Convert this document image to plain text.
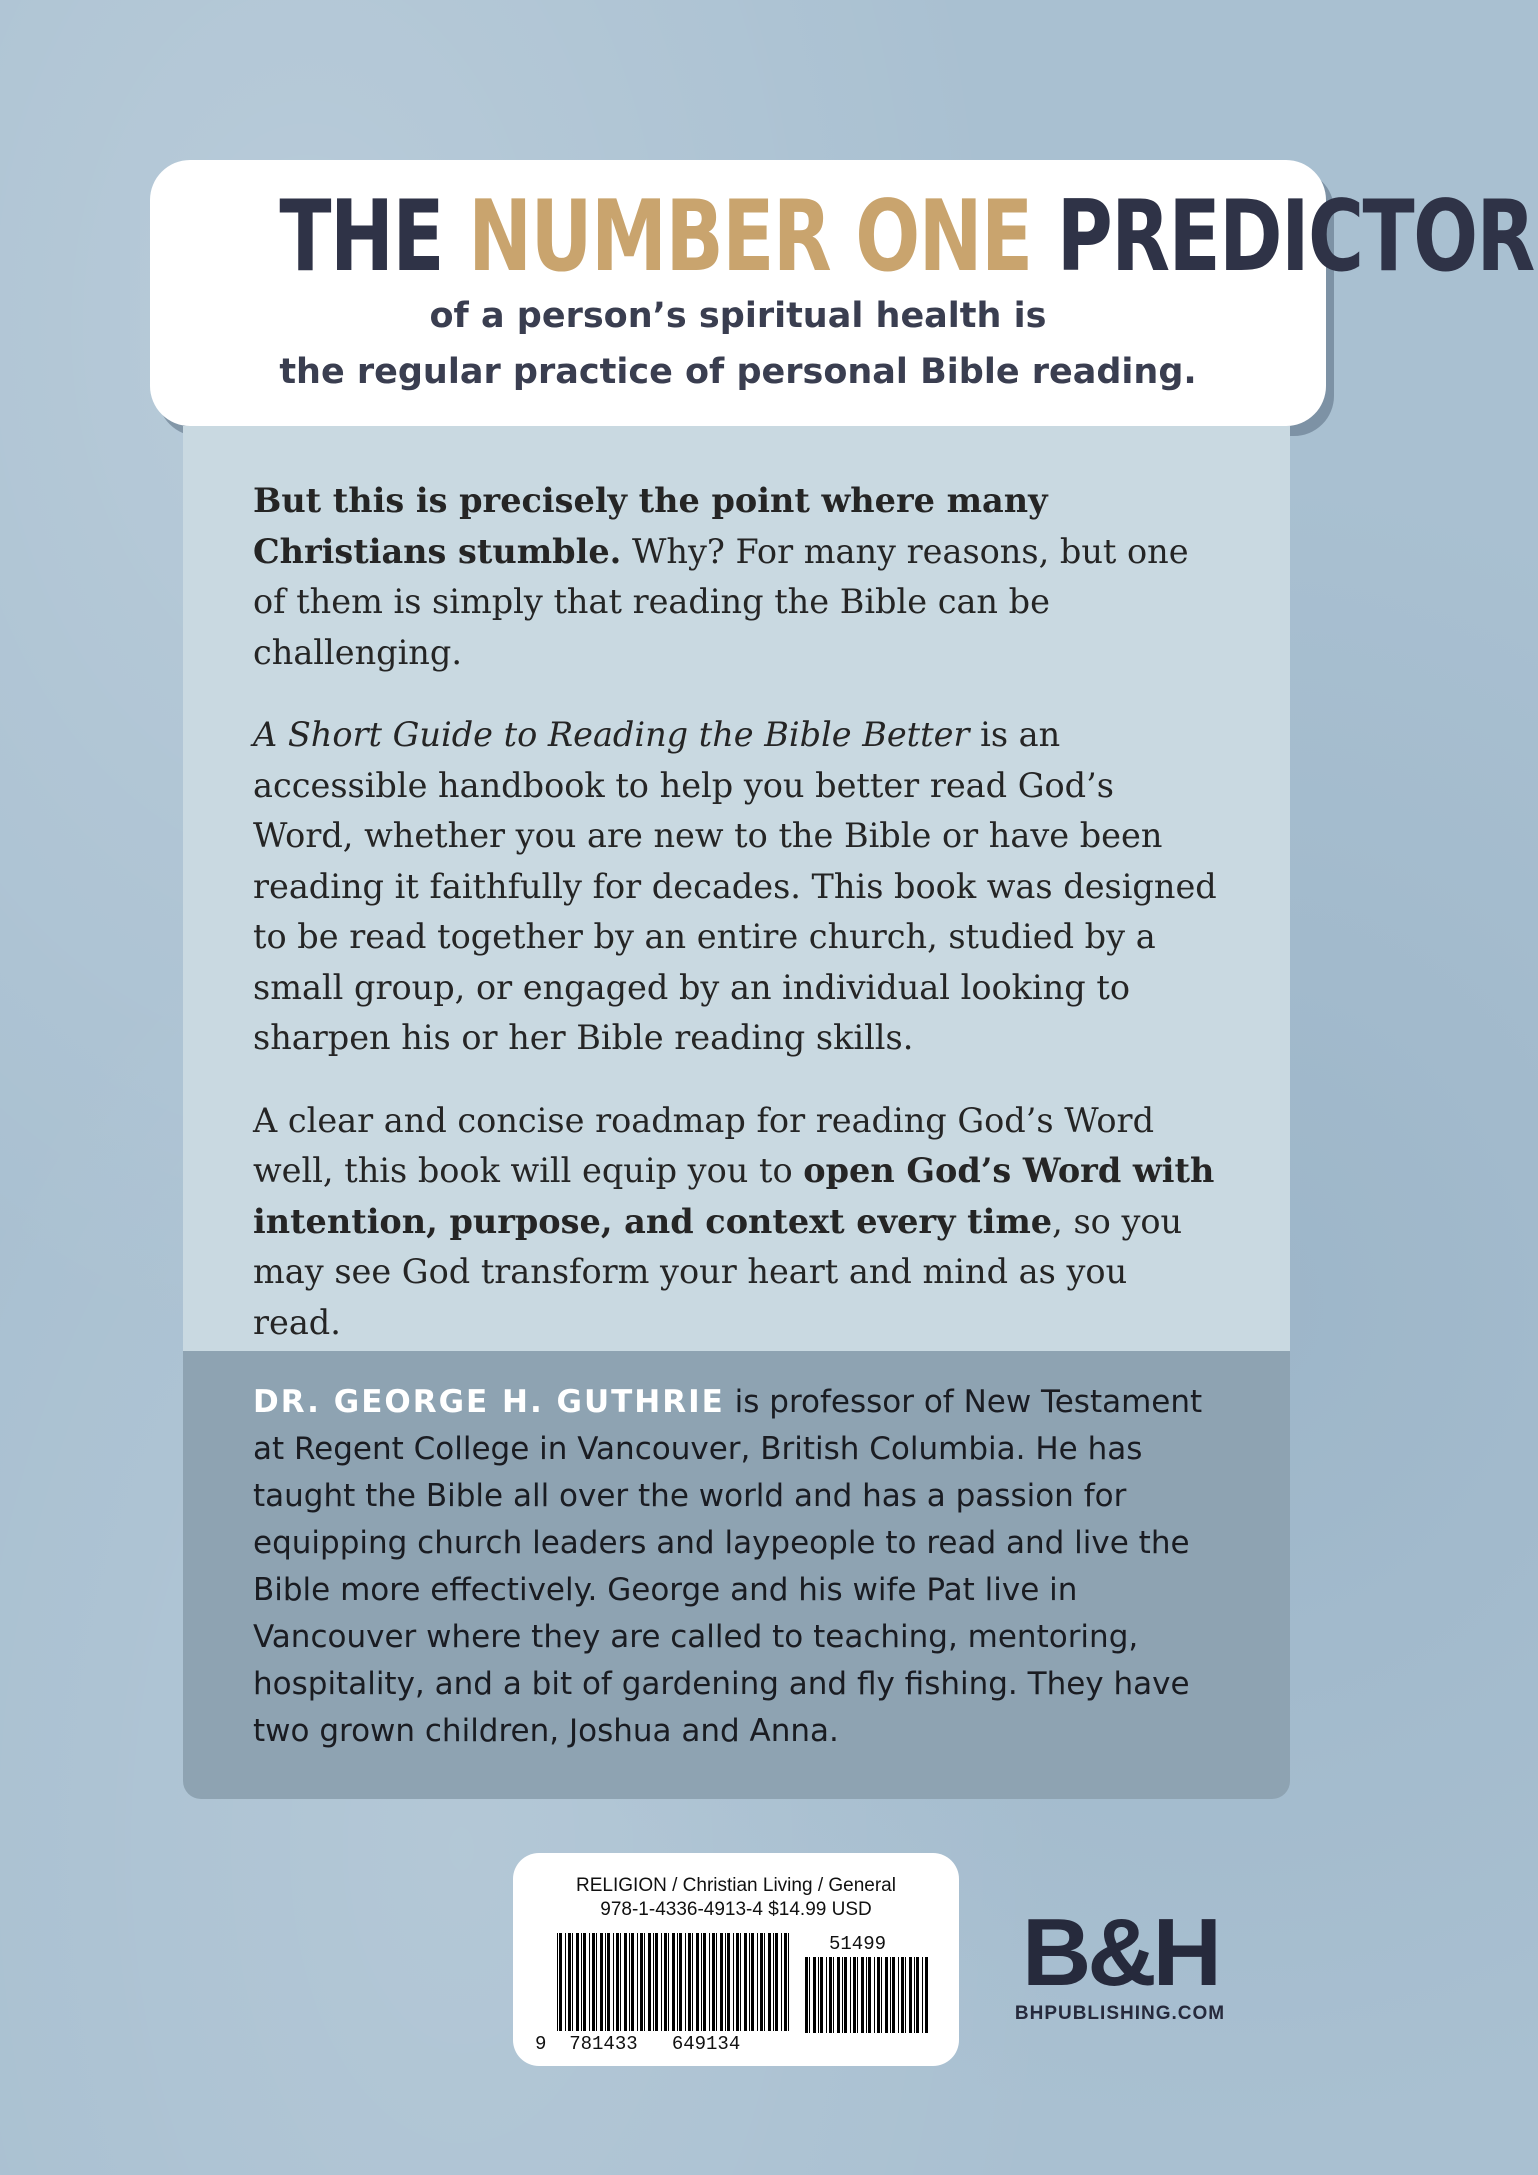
THE NUMBER ONE PREDICTOR
of a person’s spiritual health is
the regular practice of personal Bible reading.

But this is precisely the point where many Christians stumble. Why? For many reasons, but one of them is simply that reading the Bible can be challenging.

A Short Guide to Reading the Bible Better is an accessible handbook to help you better read God’s Word, whether you are new to the Bible or have been reading it faithfully for decades. This book was designed to be read together by an entire church, studied by a small group, or engaged by an individual looking to sharpen his or her Bible reading skills.

A clear and concise roadmap for reading God’s Word well, this book will equip you to open God’s Word with intention, purpose, and context every time, so you may see God transform your heart and mind as you read.

DR. GEORGE H. GUTHRIE is professor of New Testament at Regent College in Vancouver, British Columbia. He has taught the Bible all over the world and has a passion for equipping church leaders and laypeople to read and live the Bible more effectively. George and his wife Pat live in Vancouver where they are called to teaching, mentoring, hospitality, and a bit of gardening and fly fishing. They have two grown children, Joshua and Anna.

RELIGION / Christian Living / General
978-1-4336-4913-4 $14.99 USD
51499
9  781433   649134
B&H
BHPUBLISHING.COM
